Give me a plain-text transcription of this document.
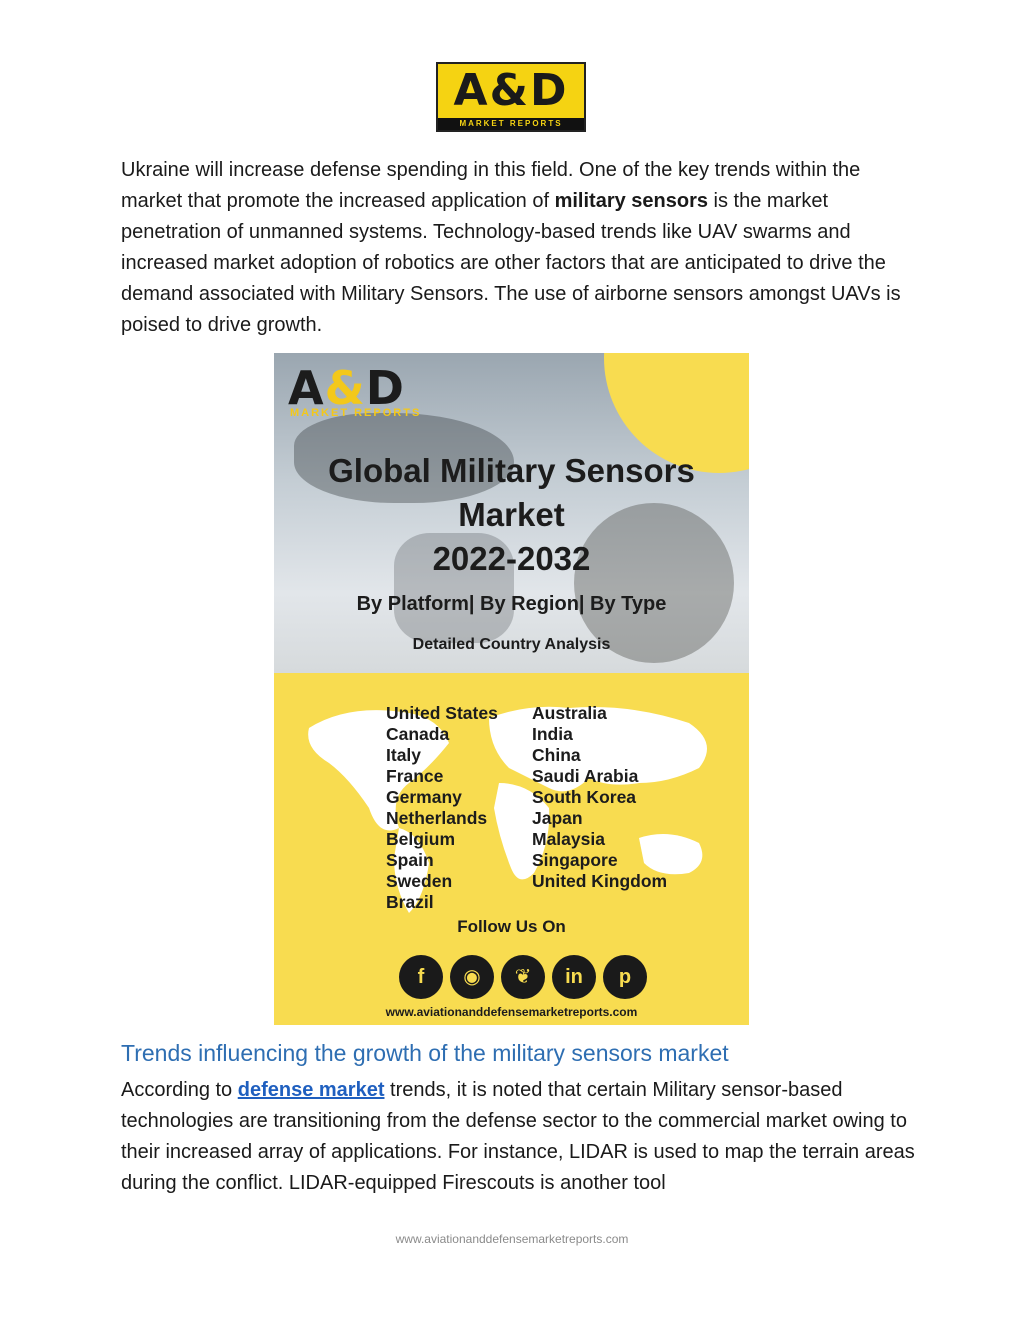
A&D
MARKET REPORTS
Ukraine will increase defense spending in this field. One of the key trends within the market that promote the increased application of military sensors is the market penetration of unmanned systems. Technology-based trends like UAV swarms and increased market adoption of robotics are other factors that are anticipated to drive the demand associated with Military Sensors. The use of airborne sensors amongst UAVs is poised to drive growth.
A&D
MARKET REPORTS
Global Military Sensors
Market
2022-2032
By Platform| By Region| By Type
Detailed Country Analysis
United States
Canada
Italy
France
Germany
Netherlands
Belgium
Spain
Sweden
Brazil
Australia
India
China
Saudi Arabia
South Korea
Japan
Malaysia
Singapore
United Kingdom
Follow Us On
f	◉	❦	in	p
www.aviationanddefensemarketreports.com
Trends influencing the growth of the military sensors market
According to defense market trends, it is noted that certain Military sensor-based technologies are transitioning from the defense sector to the commercial market owing to their increased array of applications. For instance, LIDAR is used to map the terrain areas during the conflict. LIDAR-equipped Firescouts is another tool
www.aviationanddefensemarketreports.com
